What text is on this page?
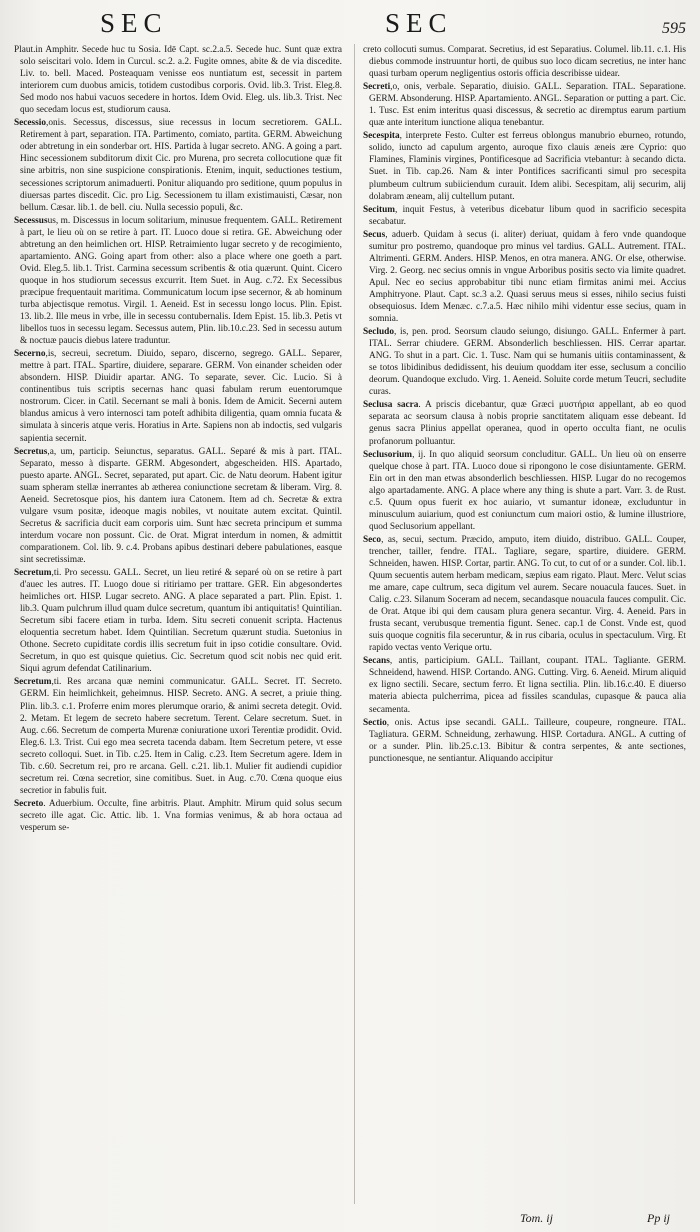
SEC	SEC	595

Plaut.in Amphitr. Secede huc tu Sosia. Idē Capt. sc.2.a.5. Secede huc. Sunt quæ extra solo seiscitari volo. Idem in Curcul. sc.2. a.2. Fugite omnes, abite & de via discedite. Liv. to. bell. Maced. Posteaquam venisse eos nuntiatum est, secessit in partem interiorem cum duobus amicis, totidem custodibus corporis. Ovid. lib.3. Trist. Eleg.8. Sed modo nos habui vacuos secedere in hortos. Idem Ovid. Eleg. uls. lib.3. Trist. Nec quo secedam locus est, studiorum causa.

Secessio,onis. Secessus, discessus, siue recessus in locum secretiorem. GALL. Retirement à part, separation. ITA. Partimento, comiato, partita. GERM. Abweichung oder abtretung in ein sonderbar ort. HIS. Partida à lugar secreto. ANG. A going a part. Hinc secessionem subditorum dixit Cic. pro Murena, pro secreta collocutione quæ fit sine arbitris, non sine suspicione conspirationis. Etenim, inquit, seductiones testium, secessiones scriptorum animaduerti. Ponitur aliquando pro seditione, quum populus in diuersas partes discedit. Cic. pro Lig. Secessionem tu illam existimauisti, Cæsar, non bellum. Cæsar. lib.1. de bell. ciu. Nulla secessio populi, &c.

Secessusus, m. Discessus in locum solitarium, minusue frequentem. GALL. Retirement à part, le lieu où on se retire à part. IT. Luoco doue si retira. GE. Abweichung oder abtretung an den heimlichen ort. HISP. Retraimiento lugar secreto y de recogimiento, apartamiento. ANG. Going apart from other: also a place where one goeth a part. Ovid. Eleg.5. lib.1. Trist. Carmina secessum scribentis & otia quærunt. Quint. Cicero quoque in hos studiorum secessus excurrit. Item Suet. in Aug. c.72. Ex Secessibus præcipue frequentauit maritima. Communicatum locum ipse secernor, & ab hominum turba abjectisque remotus. Virgil. 1. Aeneid. Est in secessu longo locus. Plin. Epist. 13. lib.2. Ille meus in vrbe, ille in secessu contubernalis. Idem Epist. 15. lib.3. Petis vt libellos tuos in secessu legam. Secessus autem, Plin. lib.10.c.23. Sed in secessu autum & noctuæ paucis diebus latere traduntur.

Secerno,is, secreui, secretum. Diuido, separo, discerno, segrego. GALL. Separer, mettre à part. ITAL. Spartire, diuidere, separare. GERM. Von einander scheiden oder absondern. HISP. Diuidir apartar. ANG. To separate, sever. Cic. Lucio. Si à continentibus tuis scriptis secernas hanc quasi fabulam rerum euentorumque nostrorum. Cicer. in Catil. Secernant se mali à bonis. Idem de Amicit. Secerni autem blandus amicus à vero internosci tam poteſt adhibita diligentia, quam omnia fucata & simulata à sinceris atque veris. Horatius in Arte. Sapiens non ab indoctis, sed vulgaris sapientia secernit.

Secretus,a, um, particip. Seiunctus, separatus. GALL. Separé & mis à part. ITAL. Separato, messo à disparte. GERM. Abgesondert, abgescheiden. HIS. Apartado, puesto aparte. ANGL. Secret, separated, put apart. Cic. de Natu deorum. Habent igitur suam spheram stellæ inerrantes ab ætherea coniunctione secretam & liberam. Virg. 8. Aeneid. Secretosque pios, his dantem iura Catonem. Item ad ch. Secretæ & extra vulgare vsum positæ, ideoque magis nobiles, vt nouitate autem excitat. Quintil. Secretus & sacrificia ducit eam corporis uim. Sunt hæc secreta principum et summa interdum vocare non possunt. Cic. de Orat. Migrat interdum in nomen, & admittit comparationem. Col. lib. 9. c.4. Probans apibus destinari debere pabulationes, easque sint secretissimæ.

Secretum,ti. Pro secessu. GALL. Secret, un lieu retiré & separé où on se retire à part d'auec les autres. IT. Luogo doue si ritiriamo per trattare. GER. Ein abgesondertes heimliches ort. HISP. Lugar secreto. ANG. A place separated a part. Plin. Epist. 1. lib.3. Quam pulchrum illud quam dulce secretum, quantum ibi antiquitatis! Quintilian. Secretum sibi facere etiam in turba. Idem. Situ secreti conuenit scripta. Hactenus eloquentia secretum habet. Idem Quintilian. Secretum quærunt studia. Suetonius in Othone. Secreto cupiditate cordis illis secretum fuit in ipso cotidie consultare. Ovid. Secretum, in quo est quisque quietius. Cic. Secretum quod scit nobis nec quid erit. Siqui agrum defendat Catilinarium.

Secretum,ti. Res arcana quæ nemini communicatur. GALL. Secret. IT. Secreto. GERM. Ein heimlichkeit, geheimnus. HISP. Secreto. ANG. A secret, a priuie thing. Plin. lib.3. c.1. Proferre enim mores plerumque orario, & animi secreta detegit. Ovid. 2. Metam. Et legem de secreto habere secretum. Terent. Celare secretum. Suet. in Aug. c.66. Secretum de comperta Murenæ coniuratione uxori Terentiæ prodidit. Ovid. Eleg.6. l.3. Trist. Cui ego mea secreta tacenda dabam. Item Secretum petere, vt esse secreto colloqui. Suet. in Tib. c.25. Item in Calig. c.23. Item Secretum agere. Idem in Tib. c.60. Secretum rei, pro re arcana. Gell. c.21. lib.1. Mulier fit audiendi cupidior secretum rei. Cœna secretior, sine comitibus. Suet. in Aug. c.70. Cœna quoque eius secretior in fabulis fuit.

Secreto. Aduerbium. Occulte, fine arbitris. Plaut. Amphitr. Mirum quid solus secum secreto ille agat. Cic. Attic. lib. 1. Vna formias venimus, & ab hora octaua ad vesperum se-

creto collocuti sumus. Comparat. Secretius, id est Separatius. Columel. lib.11. c.1. His diebus commode instruuntur horti, de quibus suo loco dicam secretius, ne inter hanc quasi turbam operum negligentius ostoris officia describisse uidear.

Secreti,o, onis, verbale. Separatio, diuisio. GALL. Separation. ITAL. Separatione. GERM. Absonderung. HISP. Apartamiento. ANGL. Separation or putting a part. Cic. 1. Tusc. Est enim interitus quasi discessus, & secretio ac diremptus earum partium quæ ante interitum iunctione aliqua tenebantur.

Secespita, interprete Festo. Culter est ferreus oblongus manubrio eburneo, rotundo, solido, iuncto ad capulum argento, auroque fixo clauis æneis ære Cyprio: quo Flamines, Flaminis virgines, Pontificesque ad Sacrificia vtebantur: à secando dicta. Suet. in Tib. cap.26. Nam & inter Pontifices sacrificanti simul pro secespita plumbeum cultrum subiiciendum curauit. Idem alibi. Secespitam, alij securim, alij dolabram æneam, alij cultellum putant.

Secitum, inquit Festus, à veteribus dicebatur libum quod in sacrificio secespita secabatur.

Secus, aduerb. Quidam à secus (i. aliter) deriuat, quidam à fero vnde quandoque sumitur pro postremo, quandoque pro minus vel tardius. GALL. Autrement. ITAL. Altrimenti. GERM. Anders. HISP. Menos, en otra manera. ANG. Or else, otherwise. Virg. 2. Georg. nec secius omnis in vngue Arboribus positis secto via limite quadret. Apul. Nec eo secius approbabitur tibi nunc etiam firmitas animi mei. Accius Amphitryone. Plaut. Capt. sc.3 a.2. Quasi seruus meus si esses, nihilo secius fuisti obsequiosus. Idem Menæc. c.7.a.5. Hæc nihilo mihi videntur esse secius, quam in somnia.

Secludo, is, pen. prod. Seorsum claudo seiungo, disiungo. GALL. Enfermer à part. ITAL. Serrar chiudere. GERM. Absonderlich beschliessen. HIS. Cerrar apartar. ANG. To shut in a part. Cic. 1. Tusc. Nam qui se humanis uitiis contaminassent, & se totos libidinibus dedidissent, his deuium quoddam iter esse, seclusum a concilio deorum. Quandoque excludo. Virg. 1. Aeneid. Soluite corde metum Teucri, secludite curas.

Seclusa sacra. A priscis dicebantur, quæ Græci μυστήρια appellant, ab eo quod separata ac seorsum clausa à nobis proprie sanctitatem aliquam esse debeant. Id genus sacra Plinius appellat operanea, quod in operto occulta fiant, ne oculis profanorum polluantur.

Seclusorium, ij. In quo aliquid seorsum concluditur. GALL. Un lieu où on enserre quelque chose à part. ITA. Luoco doue si ripongono le cose disiuntamente. GERM. Ein ort in den man etwas absonderlich beschliessen. HISP. Lugar do no recogemos algo apartadamente. ANG. A place where any thing is shute a part. Varr. 3. de Rust. c.5. Quum opus fuerit ex hoc auiario, vt sumantur idoneæ, excluduntur in minusculum auiarium, quod est coniunctum cum maiori ostio, & lumine illustriore, quod Seclusorium appellant.

Seco, as, secui, sectum. Præcido, amputo, item diuido, distribuo. GALL. Couper, trencher, tailler, fendre. ITAL. Tagliare, segare, spartire, diuidere. GERM. Schneiden, hawen. HISP. Cortar, partir. ANG. To cut, to cut of or a sunder. Col. lib.1. Quum secuentis autem herbam medicam, sæpius eam rigato. Plaut. Merc. Velut scias me amare, cape cultrum, seca digitum vel aurem. Secare nouacula fauces. Suet. in Calig. c.23. Silanum Soceram ad necem, secandasque nouacula fauces compulit. Cic. de Orat. Atque ibi qui dem causam plura genera secantur. Virg. 4. Aeneid. Pars in frusta secant, verubusque trementia figunt. Senec. cap.1 de Const. Vnde est, quod suis quoque cognitis fila seceruntur, & in rus cibaria, oculus in spectaculum. Virg. Et rapido vectas vento Verique ortu.

Secans, antis, participium. GALL. Taillant, coupant. ITAL. Tagliante. GERM. Schneidend, hawend. HISP. Cortando. ANG. Cutting. Virg. 6. Aeneid. Mirum aliquid ex ligno sectili. Secare, sectum ferro. Et ligna sectilia. Plin. lib.16.c.40. E diuerso materia abiecta pulcherrima, picea ad fissiles scandulas, cupasque & pauca alia secamenta.

Sectio, onis. Actus ipse secandi. GALL. Tailleure, coupeure, rongneure. ITAL. Tagliatura. GERM. Schneidung, zerhawung. HISP. Cortadura. ANGL. A cutting of or a sunder. Plin. lib.25.c.13. Bibitur & contra serpentes, & ante sectiones, punctionesque, ne sentiantur. Aliquando accipitur

Tom. ij	Pp ij
